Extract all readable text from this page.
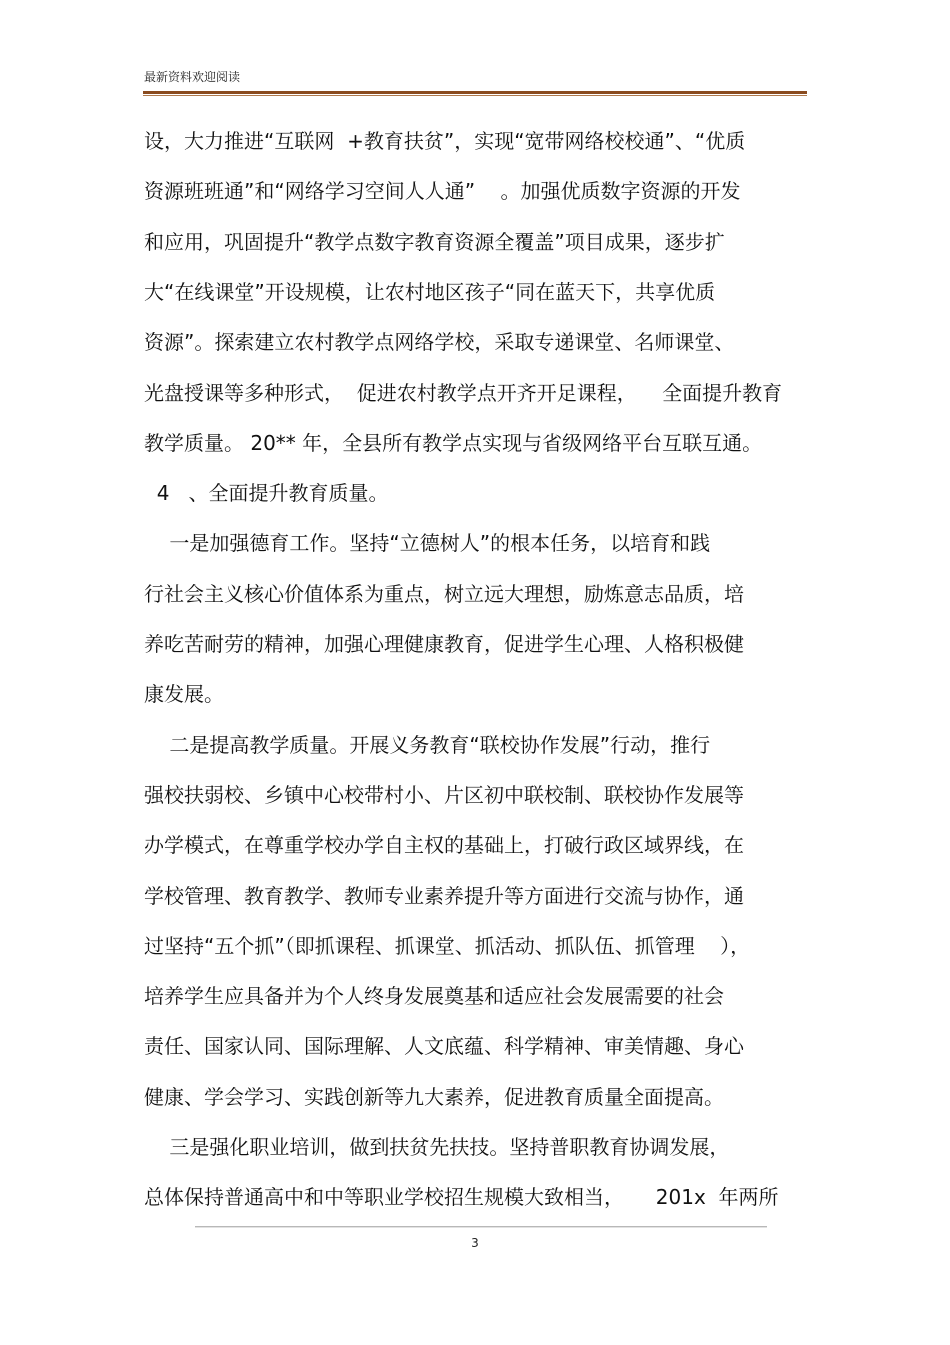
最新资料欢迎阅读
设，大力推进“互联网  +教育扶贫”，实现“宽带网络校校通”、“优质
资源班班通”和“网络学习空间人人通”    。加强优质数字资源的开发
和应用，巩固提升“教学点数字教育资源全覆盖”项目成果，逐步扩
大“在线课堂”开设规模，让农村地区孩子“同在蓝天下，共享优质
资源”。探索建立农村教学点网络学校，采取专递课堂、名师课堂、
光盘授课等多种形式，  促进农村教学点开齐开足课程，    全面提升教育
教学质量。 20** 年，全县所有教学点实现与省级网络平台互联互通。
4   、全面提升教育质量。
一是加强德育工作。坚持“立德树人”的根本任务，以培育和践
行社会主义核心价值体系为重点，树立远大理想，励炼意志品质，培
养吃苦耐劳的精神，加强心理健康教育，促进学生心理、人格积极健
康发展。
二是提高教学质量。开展义务教育“联校协作发展”行动，推行
强校扶弱校、乡镇中心校带村小、片区初中联校制、联校协作发展等
办学模式，在尊重学校办学自主权的基础上，打破行政区域界线，在
学校管理、教育教学、教师专业素养提升等方面进行交流与协作，通
过坚持“五个抓”（即抓课程、抓课堂、抓活动、抓队伍、抓管理    ），
培养学生应具备并为个人终身发展奠基和适应社会发展需要的社会
责任、国家认同、国际理解、人文底蕴、科学精神、审美情趣、身心
健康、学会学习、实践创新等九大素养，促进教育质量全面提高。
三是强化职业培训，做到扶贫先扶技。坚持普职教育协调发展，
总体保持普通高中和中等职业学校招生规模大致相当，     201x  年两所
3
